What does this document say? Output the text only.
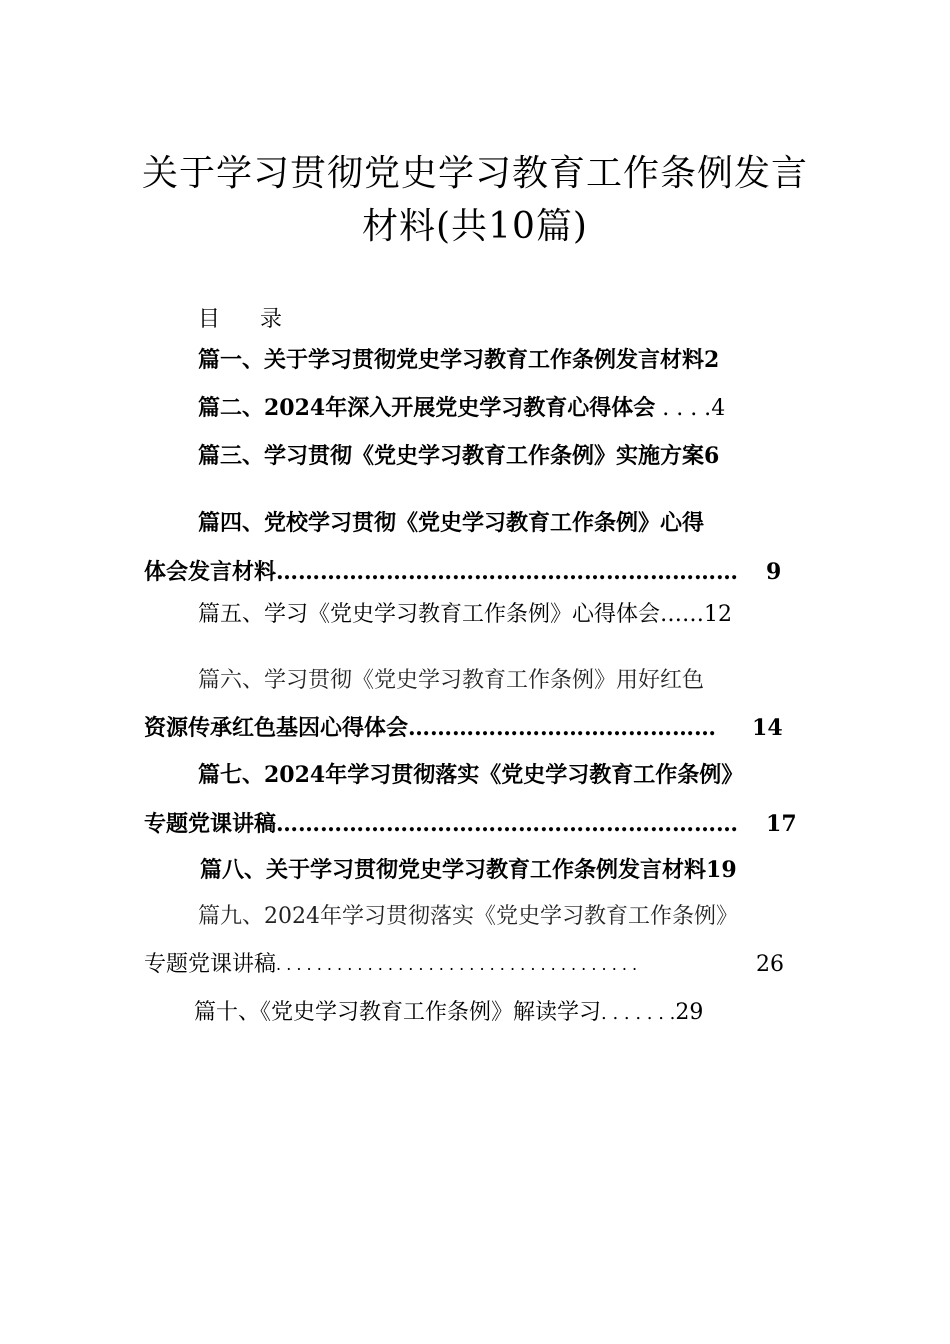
关于学习贯彻党史学习教育工作条例发言
材料(共10篇)
目 录
篇一、关于学习贯彻党史学习教育工作条例发言材料2
篇二、2024年深入开展党史学习教育心得体会 . . . .4
篇三、学习贯彻《党史学习教育工作条例》实施方案6
篇四、党校学习贯彻《党史学习教育工作条例》心得
体会发言材料……………………………………………………… 9
篇五、学习《党史学习教育工作条例》心得体会……12
篇六、学习贯彻《党史学习教育工作条例》用好红色
资源传承红色基因心得体会……………………………………14
篇七、2024年学习贯彻落实《党史学习教育工作条例》
专题党课讲稿……………………………………………………… 17
篇八、关于学习贯彻党史学习教育工作条例发言材料19
篇九、2024年学习贯彻落实《党史学习教育工作条例》
专题党课讲稿. . . . . . . . . . . . . . . . . . . . . . . . . . . . . . . . . . . .	26
篇十、《党史学习教育工作条例》解读学习. . . . . . .29
